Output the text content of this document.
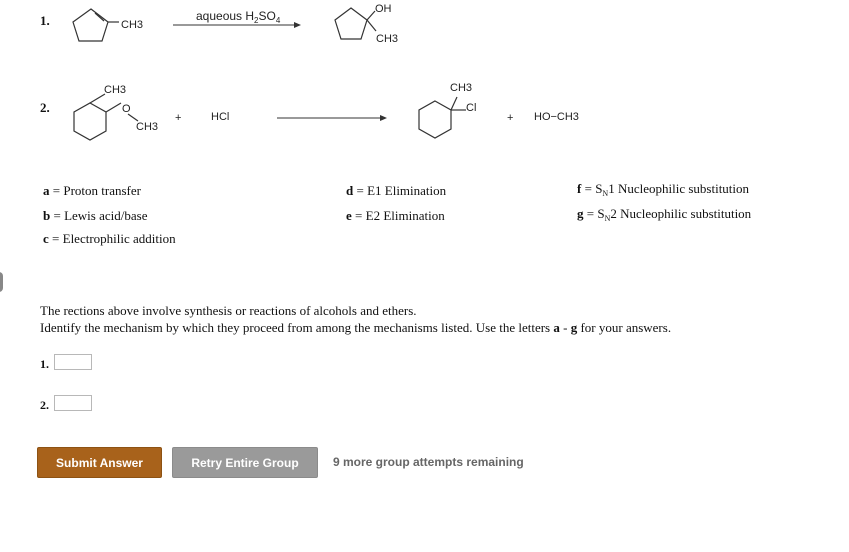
1.	CH3
aqueous $H_2SO_4$
OH
CH3
2.
CH3
O
CH3
+	HCl
CH3
Cl
+ HO−CH3
a = Proton transfer
b = Lewis acid/base
c = Electrophilic addition
d = E1 Elimination
e = E2 Elimination
$f = S_N1$ Nucleophilic substitution
$g = S_N2$ Nucleophilic substitution
The rections above involve synthesis or reactions of alcohols and ethers.
Identify the mechanism by which they proceed from among the mechanisms listed. Use the letters a - g for your answers.
1.
2.
Submit Answer	Retry Entire Group	9 more group attempts remaining
